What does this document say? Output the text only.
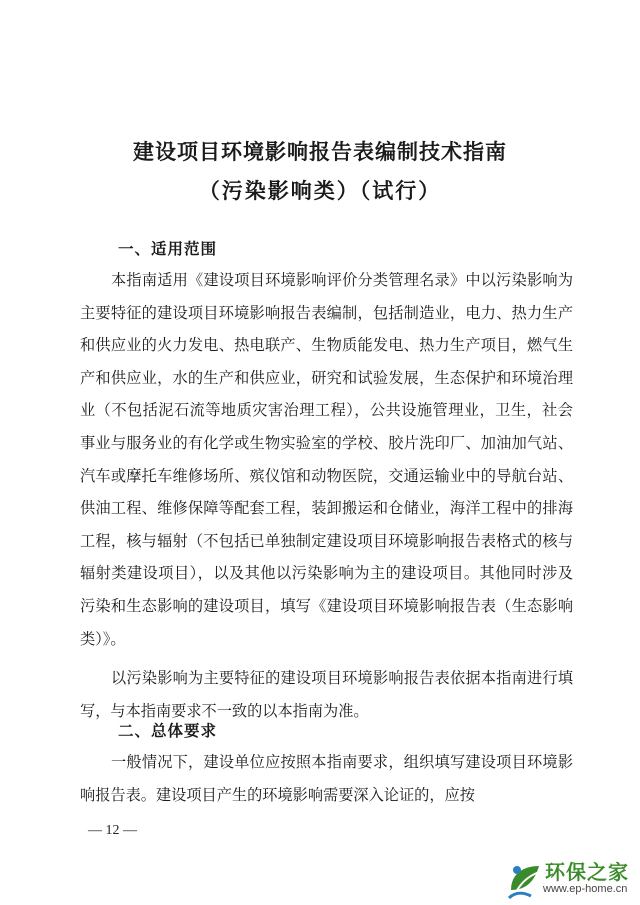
建设项目环境影响报告表编制技术指南
（污染影响类）（试行）
一、适用范围

本指南适用《建设项目环境影响评价分类管理名录》中以污染影响为主要特征的建设项目环境影响报告表编制，包括制造业，电力、热力生产和供应业的火力发电、热电联产、生物质能发电、热力生产项目，燃气生产和供应业，水的生产和供应业，研究和试验发展，生态保护和环境治理业（不包括泥石流等地质灾害治理工程），公共设施管理业，卫生，社会事业与服务业的有化学或生物实验室的学校、胶片洗印厂、加油加气站、汽车或摩托车维修场所、殡仪馆和动物医院，交通运输业中的导航台站、供油工程、维修保障等配套工程，装卸搬运和仓储业，海洋工程中的排海工程，核与辐射（不包括已单独制定建设项目环境影响报告表格式的核与辐射类建设项目），以及其他以污染影响为主的建设项目。其他同时涉及污染和生态影响的建设项目，填写《建设项目环境影响报告表（生态影响类）》。

以污染影响为主要特征的建设项目环境影响报告表依据本指南进行填写，与本指南要求不一致的以本指南为准。

二、总体要求

一般情况下，建设单位应按照本指南要求，组织填写建设项目环境影响报告表。建设项目产生的环境影响需要深入论证的，应按

— 12 —
环保之家
www.ep-home.cn
